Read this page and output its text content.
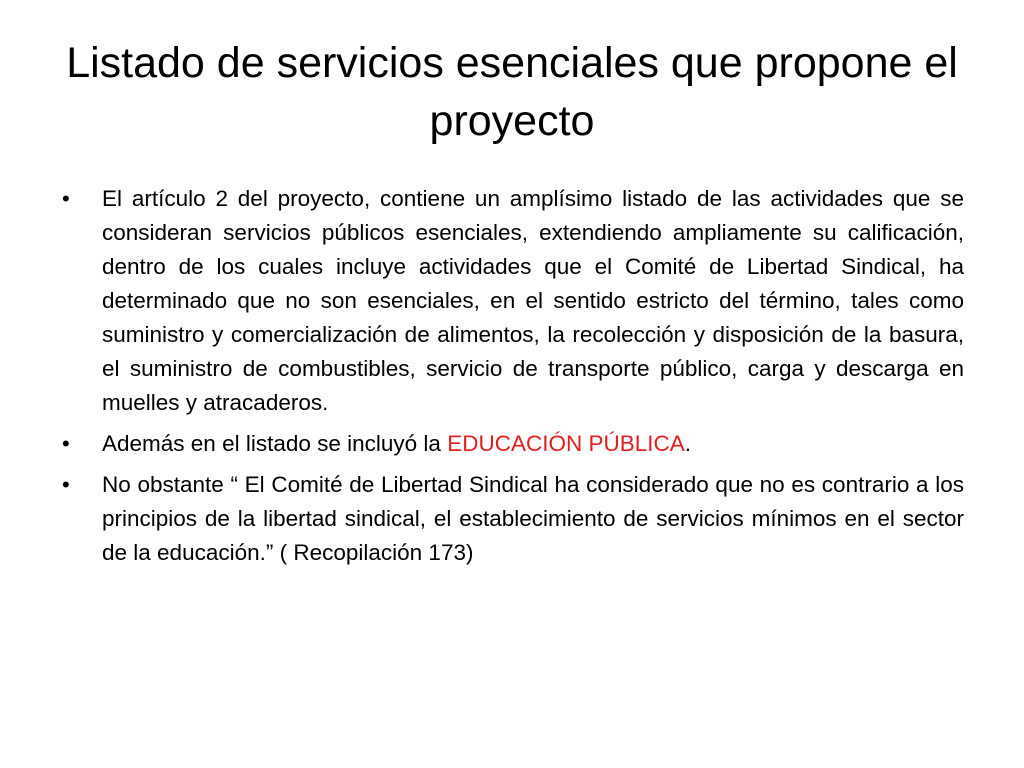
Listado de servicios esenciales que propone el proyecto
• El artículo 2 del proyecto, contiene un amplísimo listado de las actividades que se consideran servicios públicos esenciales, extendiendo ampliamente su calificación, dentro de los cuales incluye actividades que el Comité de Libertad Sindical, ha determinado que no son esenciales, en el sentido estricto del término, tales como suministro y comercialización de alimentos, la recolección y disposición de la basura, el suministro de combustibles, servicio de transporte público, carga y descarga en muelles y atracaderos.
• Además en el listado se incluyó la EDUCACIÓN PÚBLICA.
• No obstante “ El Comité de Libertad Sindical ha considerado que no es contrario a los principios de la libertad sindical, el establecimiento de servicios mínimos en el sector de la educación.” ( Recopilación 173)
